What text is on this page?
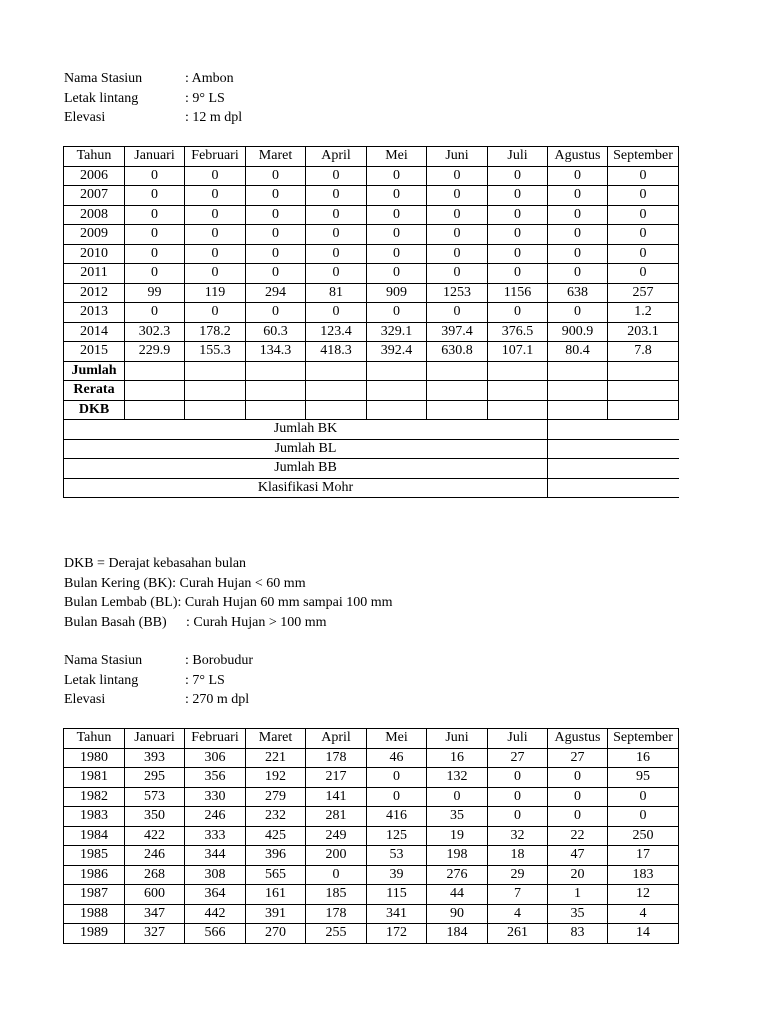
Nama Stasiun	: Ambon
Letak lintang	: 9° LS
Elevasi	: 12 m dpl
Tahun	Januari	Februari	Maret	April	Mei	Juni	Juli	Agustus	September
2006	0	0	0	0	0	0	0	0	0
2007	0	0	0	0	0	0	0	0	0
2008	0	0	0	0	0	0	0	0	0
2009	0	0	0	0	0	0	0	0	0
2010	0	0	0	0	0	0	0	0	0
2011	0	0	0	0	0	0	0	0	0
2012	99	119	294	81	909	1253	1156	638	257
2013	0	0	0	0	0	0	0	0	1.2
2014	302.3	178.2	60.3	123.4	329.1	397.4	376.5	900.9	203.1
2015	229.9	155.3	134.3	418.3	392.4	630.8	107.1	80.4	7.8
Jumlah									
Rerata									
DKB									
Jumlah BK									
Jumlah BL									
Jumlah BB									
Klasifikasi Mohr									
DKB = Derajat kebasahan bulan
Bulan Kering (BK): Curah Hujan < 60 mm
Bulan Lembab (BL): Curah Hujan 60 mm sampai 100 mm
Bulan Basah (BB) : Curah Hujan > 100 mm
Nama Stasiun	: Borobudur
Letak lintang	: 7° LS
Elevasi	: 270 m dpl
Tahun	Januari	Februari	Maret	April	Mei	Juni	Juli	Agustus	September
1980	393	306	221	178	46	16	27	27	16
1981	295	356	192	217	0	132	0	0	95
1982	573	330	279	141	0	0	0	0	0
1983	350	246	232	281	416	35	0	0	0
1984	422	333	425	249	125	19	32	22	250
1985	246	344	396	200	53	198	18	47	17
1986	268	308	565	0	39	276	29	20	183
1987	600	364	161	185	115	44	7	1	12
1988	347	442	391	178	341	90	4	35	4
1989	327	566	270	255	172	184	261	83	14
